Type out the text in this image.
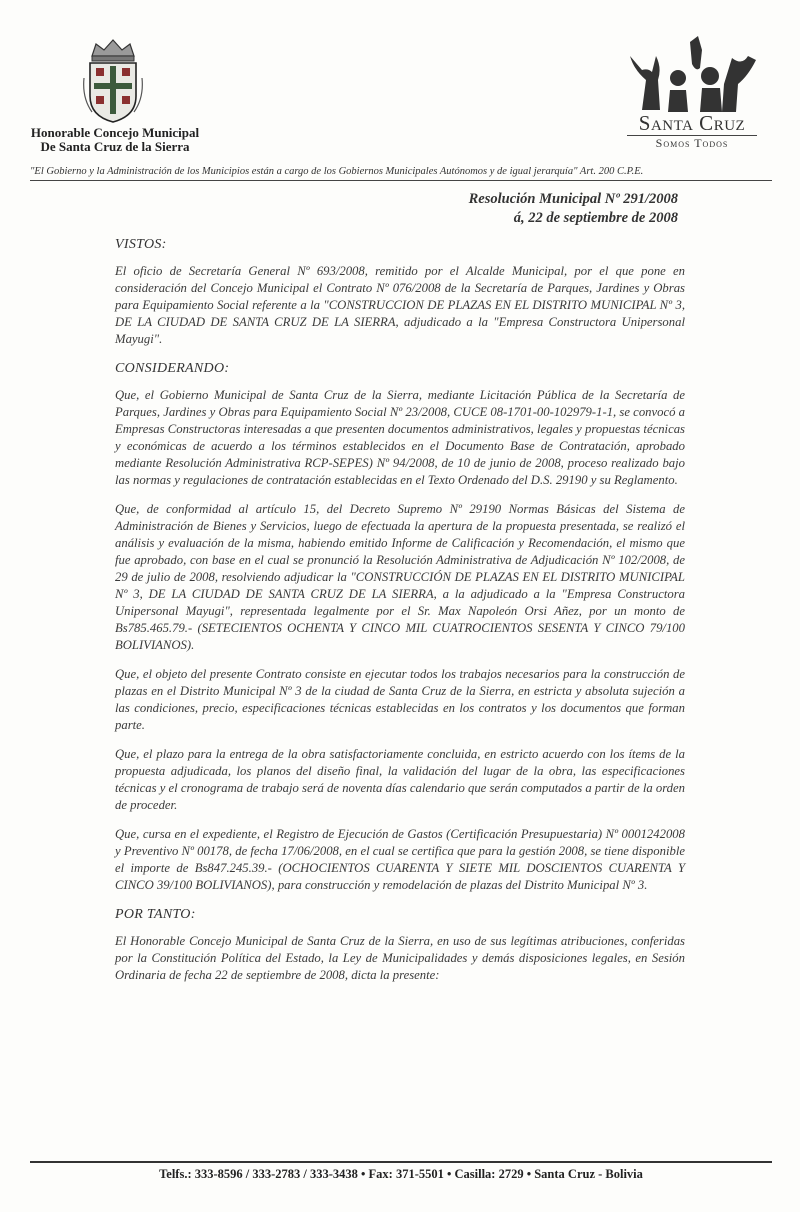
Honorable Concejo Municipal
De Santa Cruz de la Sierra
Santa Cruz
Somos Todos
"El Gobierno y la Administración de los Municipios están a cargo de los Gobiernos Municipales Autónomos y de igual jerarquía" Art. 200 C.P.E.
Resolución Municipal Nº 291/2008
á, 22 de septiembre de 2008
VISTOS:

El oficio de Secretaría General Nº 693/2008, remitido por el Alcalde Municipal, por el que pone en consideración del Concejo Municipal el Contrato Nº 076/2008 de la Secretaría de Parques, Jardines y Obras para Equipamiento Social referente a la "CONSTRUCCION DE PLAZAS EN EL DISTRITO MUNICIPAL Nº 3, DE LA CIUDAD DE SANTA CRUZ DE LA SIERRA, adjudicado a la "Empresa Constructora Unipersonal Mayugi".

CONSIDERANDO:

Que, el Gobierno Municipal de Santa Cruz de la Sierra, mediante Licitación Pública de la Secretaría de Parques, Jardines y Obras para Equipamiento Social Nº 23/2008, CUCE 08-1701-00-102979-1-1, se convocó a Empresas Constructoras interesadas a que presenten documentos administrativos, legales y propuestas técnicas y económicas de acuerdo a los términos establecidos en el Documento Base de Contratación, aprobado mediante Resolución Administrativa RCP-SEPES) Nº 94/2008, de 10 de junio de 2008, proceso realizado bajo las normas y regulaciones de contratación establecidas en el Texto Ordenado del D.S. 29190 y su Reglamento.

Que, de conformidad al artículo 15, del Decreto Supremo Nº 29190 Normas Básicas del Sistema de Administración de Bienes y Servicios, luego de efectuada la apertura de la propuesta presentada, se realizó el análisis y evaluación de la misma, habiendo emitido Informe de Calificación y Recomendación, el mismo que fue aprobado, con base en el cual se pronunció la Resolución Administrativa de Adjudicación Nº 102/2008, de 29 de julio de 2008, resolviendo adjudicar la "CONSTRUCCIÓN DE PLAZAS EN EL DISTRITO MUNICIPAL Nº 3, DE LA CIUDAD DE SANTA CRUZ DE LA SIERRA, a la adjudicado a la "Empresa Constructora Unipersonal Mayugi", representada legalmente por el Sr. Max Napoleón Orsi Añez, por un monto de Bs785.465.79.- (SETECIENTOS OCHENTA Y CINCO MIL CUATROCIENTOS SESENTA Y CINCO 79/100 BOLIVIANOS).

Que, el objeto del presente Contrato consiste en ejecutar todos los trabajos necesarios para la construcción de plazas en el Distrito Municipal Nº 3 de la ciudad de Santa Cruz de la Sierra, en estricta y absoluta sujeción a las condiciones, precio, especificaciones técnicas establecidas en los contratos y los documentos que forman parte.

Que, el plazo para la entrega de la obra satisfactoriamente concluida, en estricto acuerdo con los ítems de la propuesta adjudicada, los planos del diseño final, la validación del lugar de la obra, las especificaciones técnicas y el cronograma de trabajo será de noventa días calendario que serán computados a partir de la orden de proceder.

Que, cursa en el expediente, el Registro de Ejecución de Gastos (Certificación Presupuestaria) Nº 0001242008 y Preventivo Nº 00178, de fecha 17/06/2008, en el cual se certifica que para la gestión 2008, se tiene disponible el importe de Bs847.245.39.- (OCHOCIENTOS CUARENTA Y SIETE MIL DOSCIENTOS CUARENTA Y CINCO 39/100 BOLIVIANOS), para construcción y remodelación de plazas del Distrito Municipal Nº 3.

POR TANTO:

El Honorable Concejo Municipal de Santa Cruz de la Sierra, en uso de sus legítimas atribuciones, conferidas por la Constitución Política del Estado, la Ley de Municipalidades y demás disposiciones legales, en Sesión Ordinaria de fecha 22 de septiembre de 2008, dicta la presente:

Telfs.: 333-8596 / 333-2783 / 333-3438 • Fax: 371-5501 • Casilla: 2729 • Santa Cruz - Bolivia
